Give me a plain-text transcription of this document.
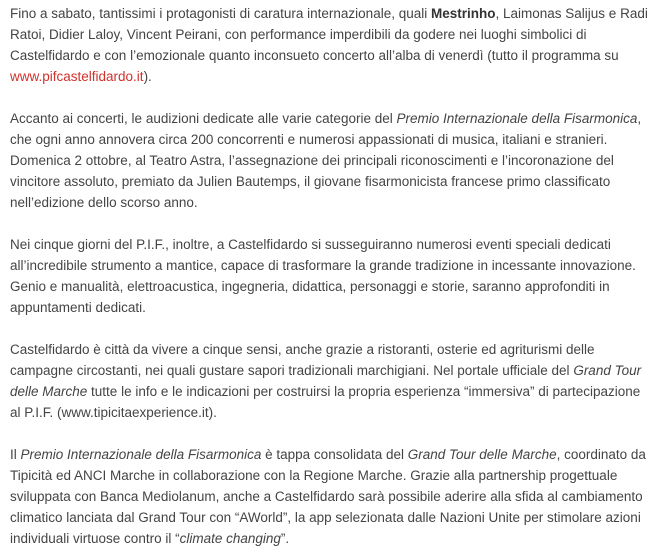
Fino a sabato, tantissimi i protagonisti di caratura internazionale, quali Mestrinho, Laimonas Salijus e Radi Ratoi, Didier Laloy, Vincent Peirani, con performance imperdibili da godere nei luoghi simbolici di Castelfidardo e con l’emozionale quanto inconsueto concerto all’alba di venerdì (tutto il programma su www.pifcastelfidardo.it).

Accanto ai concerti, le audizioni dedicate alle varie categorie del Premio Internazionale della Fisarmonica, che ogni anno annovera circa 200 concorrenti e numerosi appassionati di musica, italiani e stranieri. Domenica 2 ottobre, al Teatro Astra, l’assegnazione dei principali riconoscimenti e l’incoronazione del vincitore assoluto, premiato da Julien Bautemps, il giovane fisarmonicista francese primo classificato nell’edizione dello scorso anno.

Nei cinque giorni del P.I.F., inoltre, a Castelfidardo si susseguiranno numerosi eventi speciali dedicati all’incredibile strumento a mantice, capace di trasformare la grande tradizione in incessante innovazione. Genio e manualità, elettroacustica, ingegneria, didattica, personaggi e storie, saranno approfonditi in appuntamenti dedicati.

Castelfidardo è città da vivere a cinque sensi, anche grazie a ristoranti, osterie ed agriturismi delle campagne circostanti, nei quali gustare sapori tradizionali marchigiani. Nel portale ufficiale del Grand Tour delle Marche tutte le info e le indicazioni per costruirsi la propria esperienza “immersiva” di partecipazione al P.I.F. (www.tipicitaexperience.it).

Il Premio Internazionale della Fisarmonica è tappa consolidata del Grand Tour delle Marche, coordinato da Tipicità ed ANCI Marche in collaborazione con la Regione Marche. Grazie alla partnership progettuale sviluppata con Banca Mediolanum, anche a Castelfidardo sarà possibile aderire alla sfida al cambiamento climatico lanciata dal Grand Tour con “AWorld”, la app selezionata dalle Nazioni Unite per stimolare azioni individuali virtuose contro il “climate changing”.
